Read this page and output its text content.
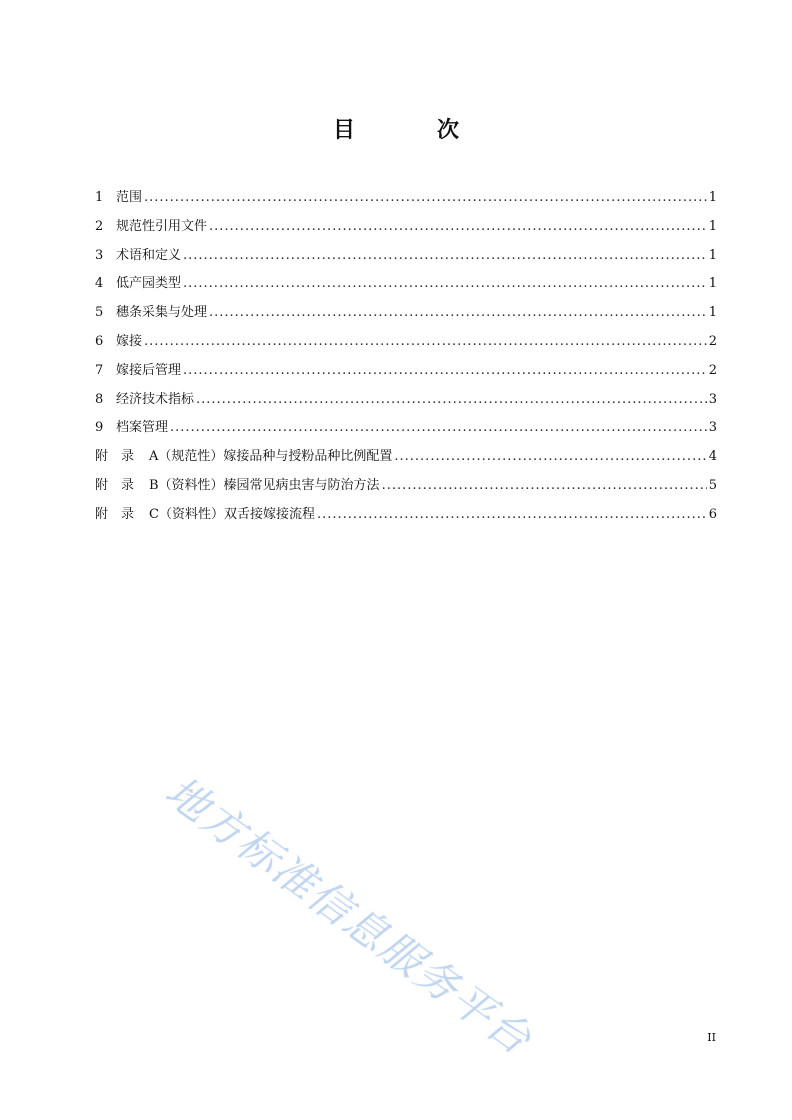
目　次
1 范围 .....	1
2 规范性引用文件 .....	1
3 术语和定义 .....	1
4 低产园类型 .....	1
5 穗条采集与处理 .....	1
6 嫁接 .....	2
7 嫁接后管理 .....	2
8 经济技术指标 .....	3
9 档案管理 .....	3
附　录	A（规范性）嫁接品种与授粉品种比例配置 .....	4
附　录	B（资料性）榛园常见病虫害与防治方法 .....	5
附　录	C（资料性）双舌接嫁接流程 .....	6
地方标准信息服务平台	II
